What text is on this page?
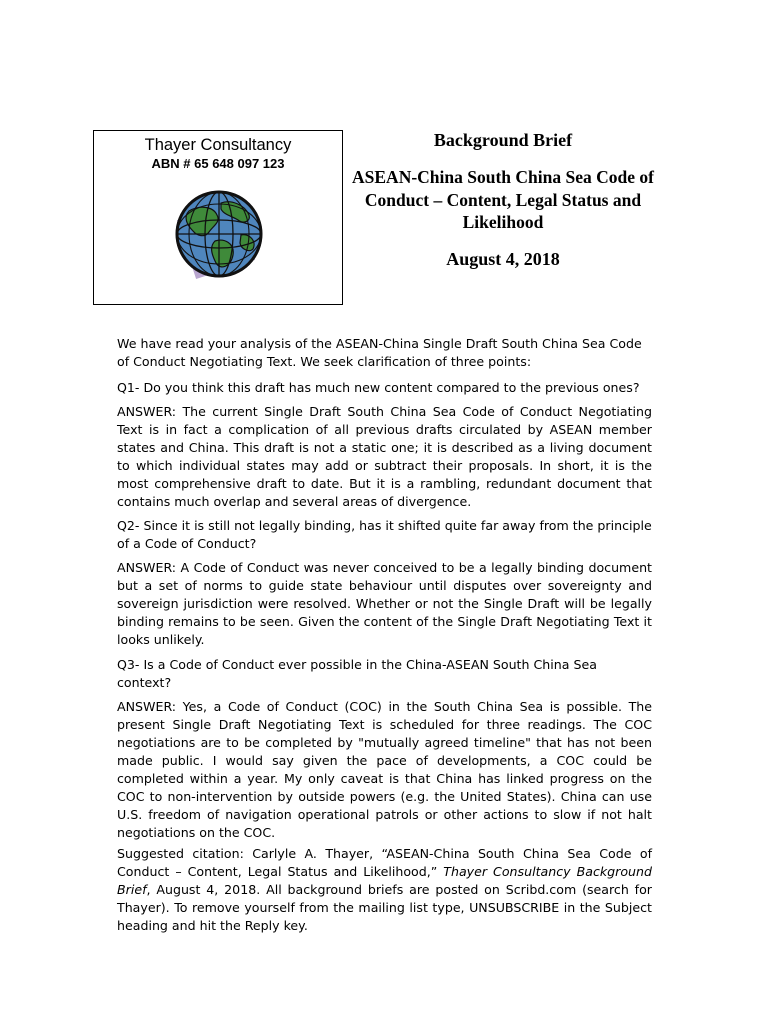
Thayer Consultancy
ABN # 65 648 097 123
Background Brief
ASEAN-China South China Sea Code of Conduct – Content, Legal Status and Likelihood
August 4, 2018

We have read your analysis of the ASEAN-China Single Draft South China Sea Code of Conduct Negotiating Text. We seek clarification of three points:

Q1- Do you think this draft has much new content compared to the previous ones?

ANSWER: The current Single Draft South China Sea Code of Conduct Negotiating Text is in fact a complication of all previous drafts circulated by ASEAN member states and China. This draft is not a static one; it is described as a living document to which individual states may add or subtract their proposals. In short, it is the most comprehensive draft to date. But it is a rambling, redundant document that contains much overlap and several areas of divergence.

Q2- Since it is still not legally binding, has it shifted quite far away from the principle of a Code of Conduct?

ANSWER: A Code of Conduct was never conceived to be a legally binding document but a set of norms to guide state behaviour until disputes over sovereignty and sovereign jurisdiction were resolved. Whether or not the Single Draft will be legally binding remains to be seen. Given the content of the Single Draft Negotiating Text it looks unlikely.

Q3- Is a Code of Conduct ever possible in the China-ASEAN South China Sea context?

ANSWER: Yes, a Code of Conduct (COC) in the South China Sea is possible. The present Single Draft Negotiating Text is scheduled for three readings. The COC negotiations are to be completed by "mutually agreed timeline" that has not been made public. I would say given the pace of developments, a COC could be completed within a year. My only caveat is that China has linked progress on the COC to non-intervention by outside powers (e.g. the United States). China can use U.S. freedom of navigation operational patrols or other actions to slow if not halt negotiations on the COC.

Suggested citation: Carlyle A. Thayer, “ASEAN-China South China Sea Code of Conduct – Content, Legal Status and Likelihood,” Thayer Consultancy Background Brief, August 4, 2018. All background briefs are posted on Scribd.com (search for Thayer). To remove yourself from the mailing list type, UNSUBSCRIBE in the Subject heading and hit the Reply key.
